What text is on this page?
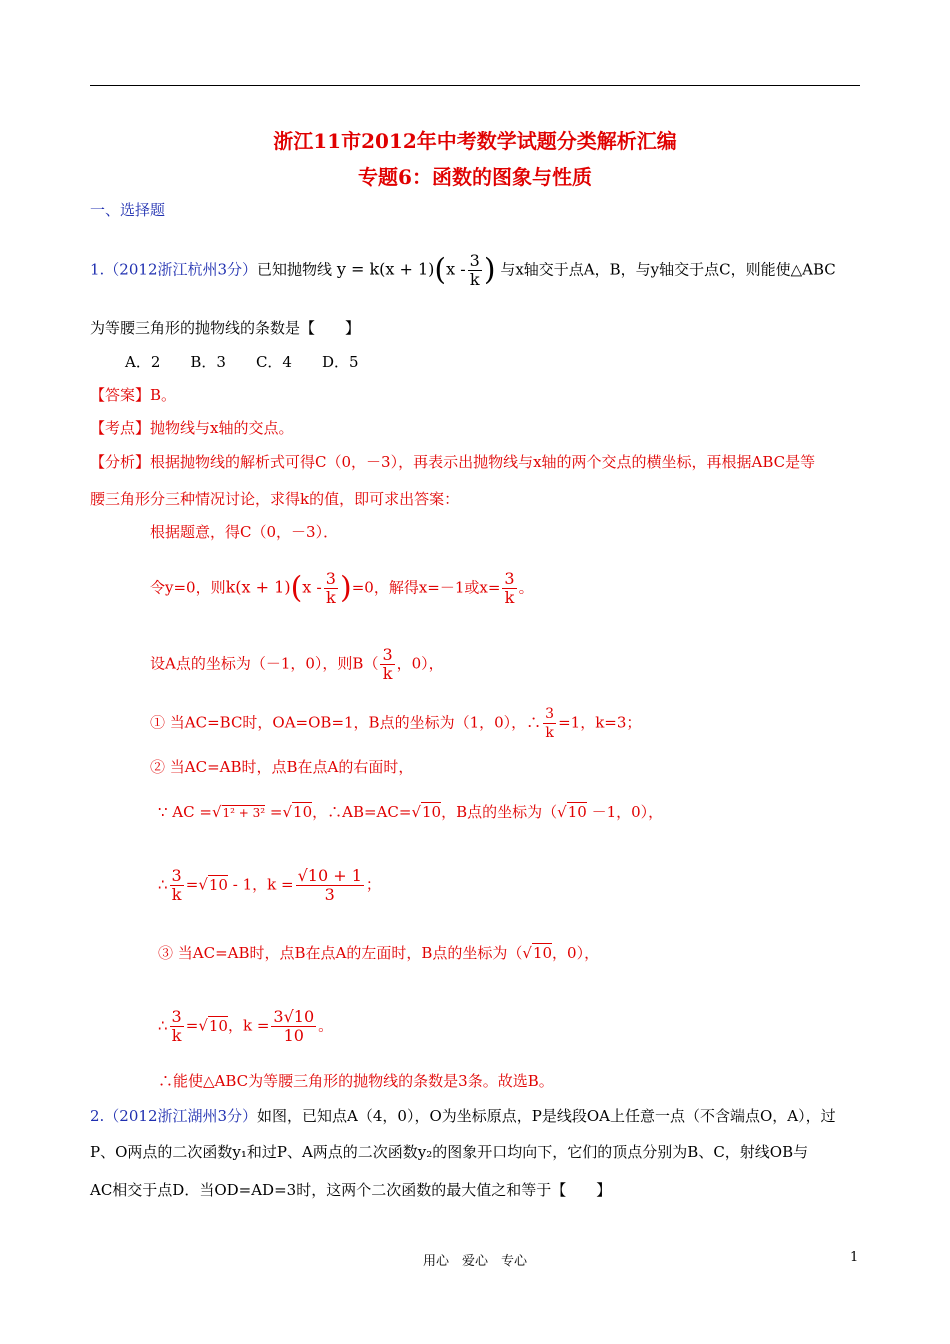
浙江11市2012年中考数学试题分类解析汇编
专题6：函数的图象与性质
一、选择题
1.（2012浙江杭州3分）已知抛物线 $y = k(x + 1)(x - \frac{3}{k}$ ) 与x轴交于点A，B，与y轴交于点C，则能使△ABC
为等腰三角形的抛物线的条数是【　　】
A．2　　B．3　　C．4　　D．5
【答案】B。
【考点】抛物线与x轴的交点。
【分析】根据抛物线的解析式可得C（0，－3），再表示出抛物线与x轴的两个交点的横坐标，再根据ABC是等
腰三角形分三种情况讨论，求得k的值，即可求出答案：
根据题意，得C（0，－3）．
令y=0，则$k(x + 1)(x - \frac{3}{k} )=0$，解得x=－1或$x= \frac{3}{k}$ 。
设A点的坐标为（－1，0），则$B( \frac{3}{k}$ ，0），
① 当AC=BC时，OA=OB=1，B点的坐标为（1，0），∴ $\frac{3}{k} =1$，k=3；
② 当AC=AB时，点B在点A的右面时，
∵ AC =√1² + 3² =√10，∴AB=AC=√10，B点的坐标为（√10 －1，0），
∴ $\frac{3}{k} =√10 - 1$，$k = \frac{√10 + 1}{3}$ ；
③ 当AC=AB时，点B在点A的左面时，B点的坐标为（√10，0），
∴ $\frac{3}{k} =√10$，$k = \frac{3√10}{10}$ 。
∴能使△ABC为等腰三角形的抛物线的条数是3条。故选B。
2.（2012浙江湖州3分）如图，已知点A（4，0），O为坐标原点，P是线段OA上任意一点（不含端点O，A），过
P、O两点的二次函数y₁和过P、A两点的二次函数y₂的图象开口均向下，它们的顶点分别为B、C，射线OB与
AC相交于点D．当OD=AD=3时，这两个二次函数的最大值之和等于【　　】
用心　爱心　专心	1
